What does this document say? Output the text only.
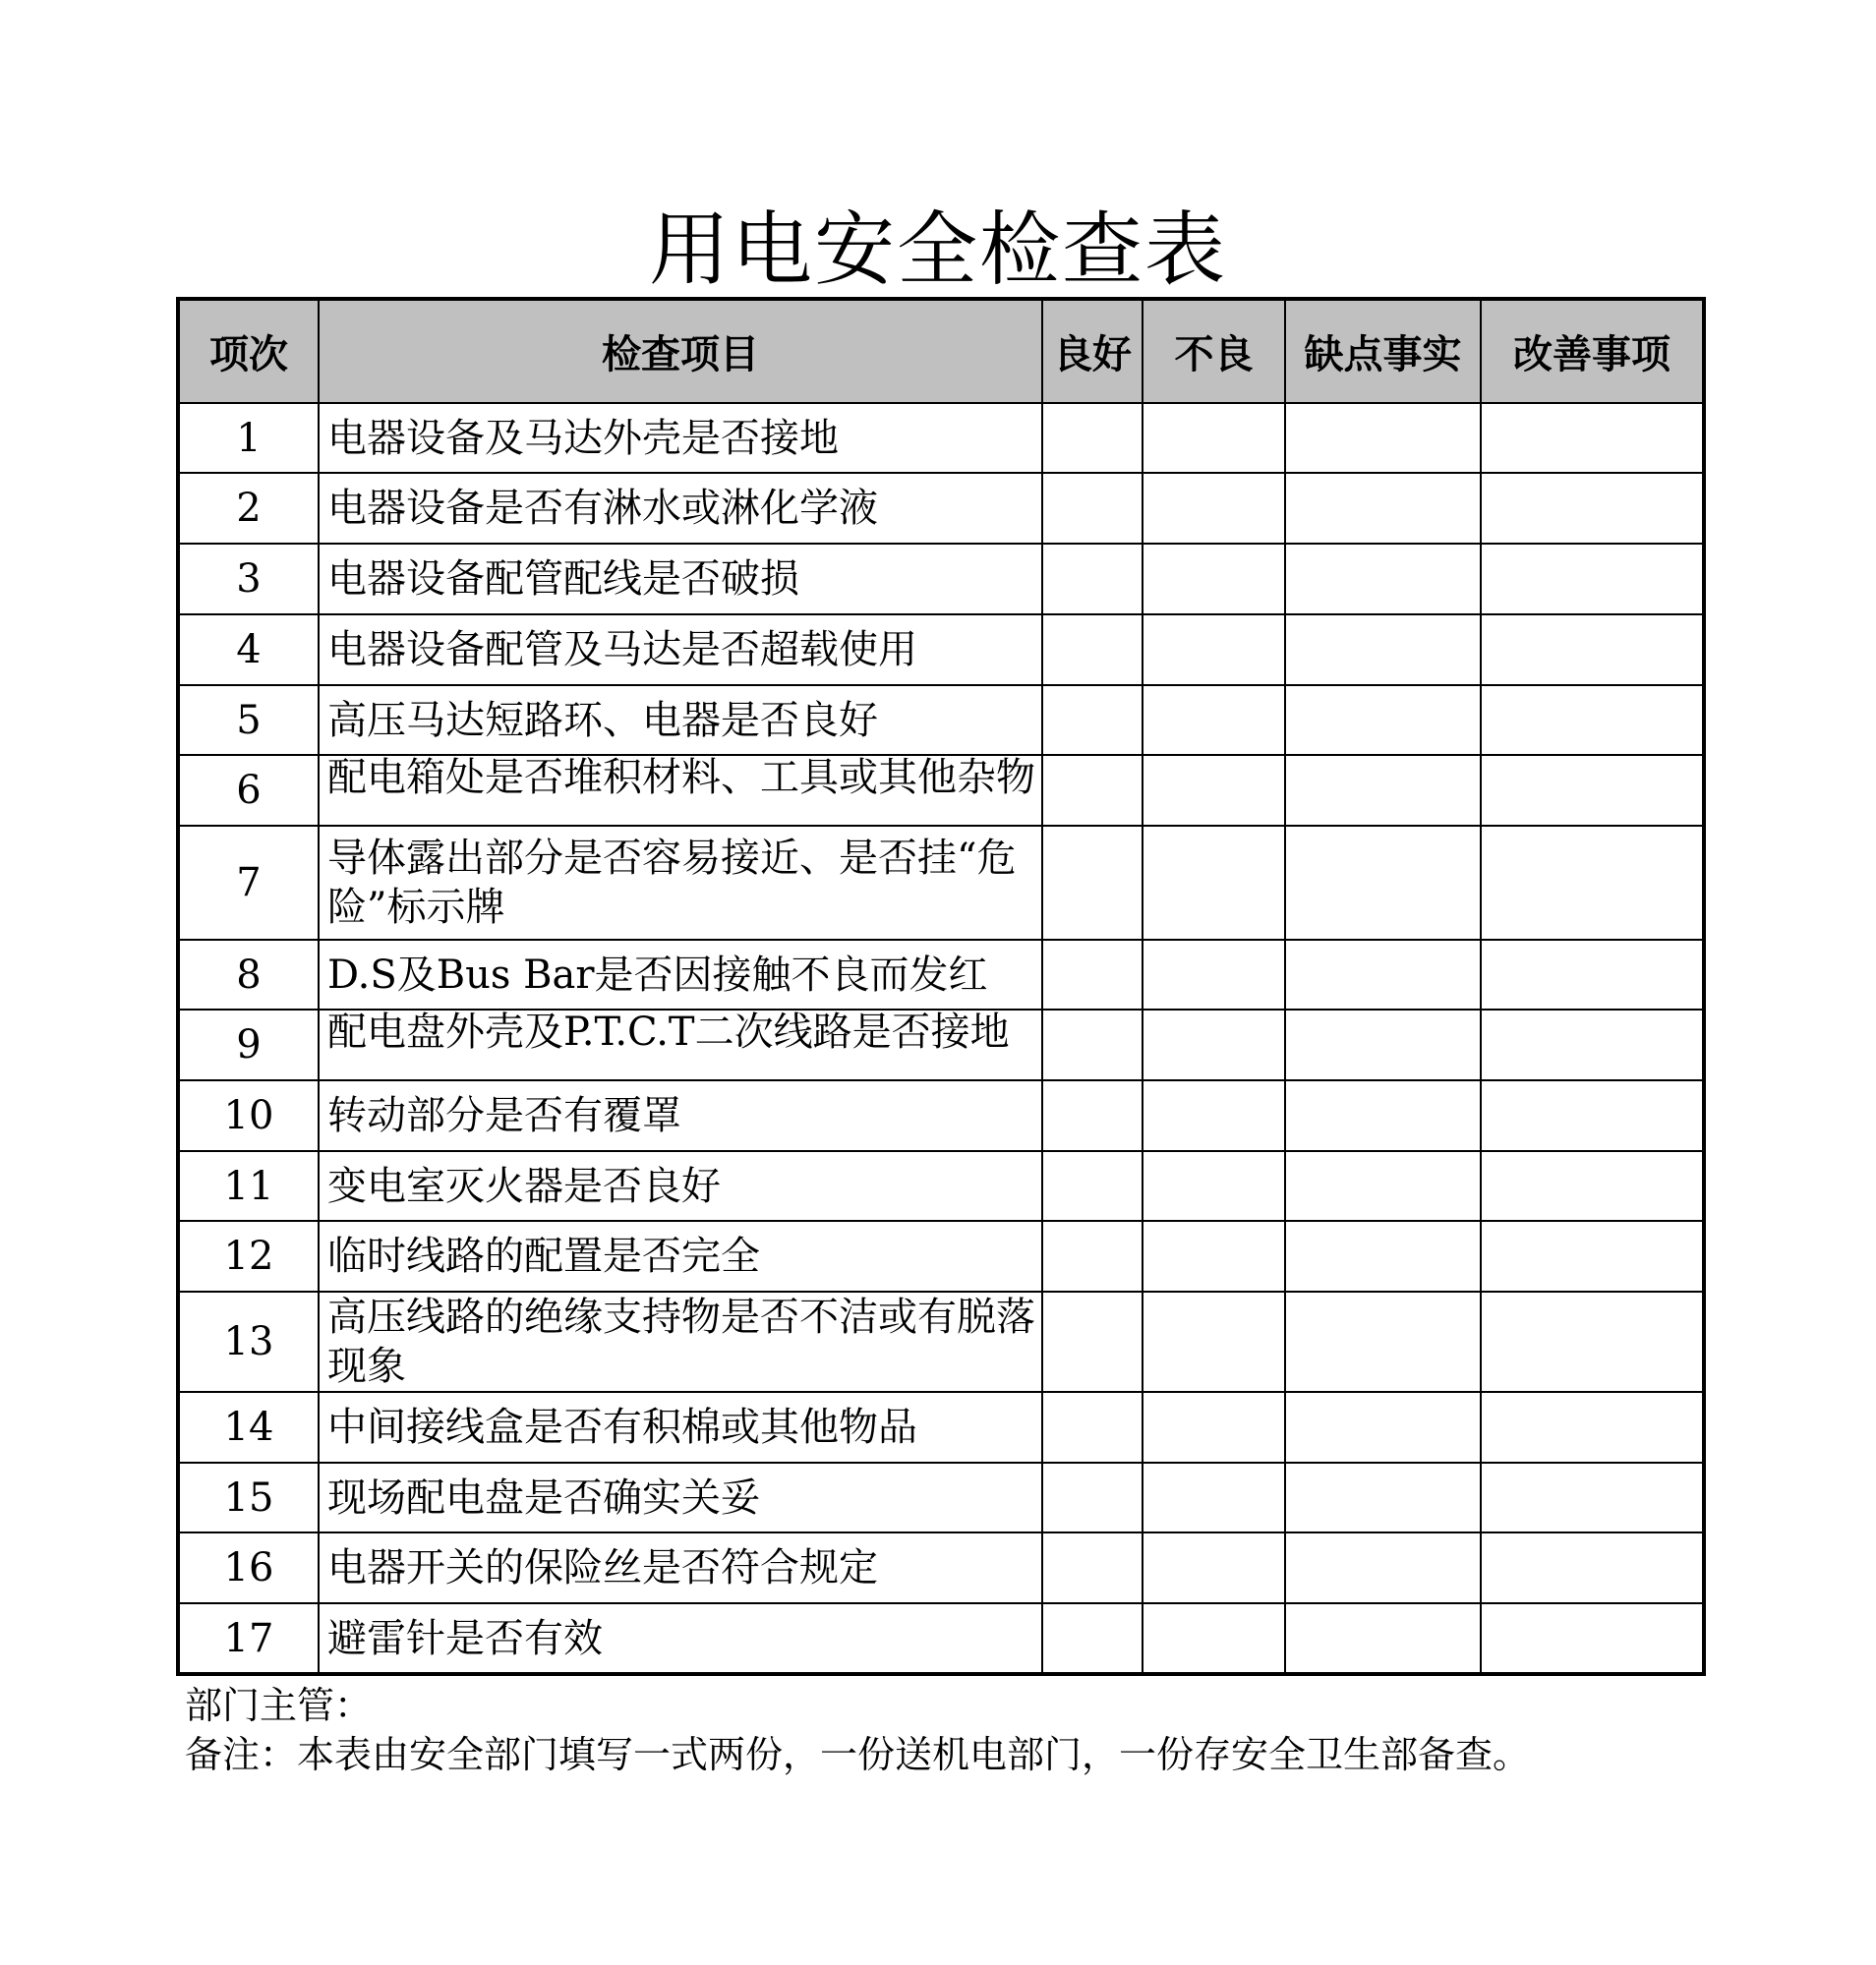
用电安全检查表
项次	检查项目	良好	不良	缺点事实	改善事项
1	电器设备及马达外壳是否接地				
2	电器设备是否有淋水或淋化学液				
3	电器设备配管配线是否破损				
4	电器设备配管及马达是否超载使用				
5	高压马达短路环、电器是否良好				
6	配电箱处是否堆积材料、工具或其他杂物				

7	导体露出部分是否容易接近、是否挂“危险”标示牌				
8	D.S及Bus Bar是否因接触不良而发红				
9	配电盘外壳及P.T.C.T二次线路是否接地				

10	转动部分是否有覆罩				
11	变电室灭火器是否良好				
12	临时线路的配置是否完全				
13	高压线路的绝缘支持物是否不洁或有脱落现象				
14	中间接线盒是否有积棉或其他物品				
15	现场配电盘是否确实关妥				
16	电器开关的保险丝是否符合规定				
17	避雷针是否有效				
部门主管：
备注：本表由安全部门填写一式两份，一份送机电部门，一份存安全卫生部备查。
